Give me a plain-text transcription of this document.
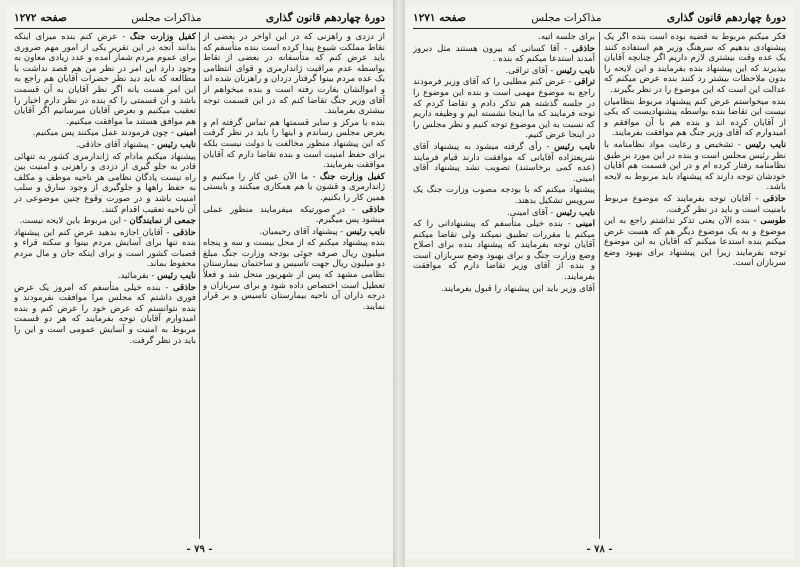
دورهٔ چهاردهم قانون گذاری
مذاکرات مجلس
صفحه ۱۲۷۲

از دزدی و راهزنی که در این اواخر در بعضی از نقاط مملکت شیوع پیدا کرده است بنده متأسفم که باید عرض کنم که متأسفانه در بعضی از نقاط بواسطه عدم مراقبت ژاندارمری و قوای انتظامی یک عده مردم بینوا گرفتار دزدان و راهزنان شده اند و اموالشان بغارت رفته است و بنده میخواهم از آقای وزیر جنگ تقاضا کنم که در این قسمت توجه بیشتری بفرمایند.

بنده با مرکز و سایر قسمتها هم تماس گرفته ام و بعرض مجلس رساندم و اینها را باید در نظر گرفت که این پیشنهاد منظور مخالفت با دولت نیست بلکه برای حفظ امنیت است و بنده تقاضا دارم که آقایان موافقت بفرمایند.

کفیل وزارت جنگ - ما الآن عین کار را میکنیم و ژاندارمری و قشون با هم همکاری میکنند و بایستی همین کار را بکنیم.

حاذقی - در صورتیکه میفرمایند منظور عملی میشود پس میگیرم.

نایب رئیس - پیشنهاد آقای رحیمیان.

بنده پیشنهاد میکنم که از محل بیست و سه و پنجاه میلیون ریال صرفه جوئی بودجه وزارت جنگ مبلغ دو میلیون ریال جهت تأسیس و ساختمان بیمارستان نظامی مشهد که پس از شهریور منحل شد و فعلاً تعطیل است اختصاص داده شود و برای سربازان و درجه داران آن ناحیه بیمارستان تأسیس و بر قرار نمایند.

کفیل وزارت جنگ - عرض کنم بنده میرای اینکه بدانند آنجه در این تقریر یکی از امور مهم ضروری برای عموم مردم شمار آمده و عدد زیادی معاون به وجود دارد این امر در نظر من هم قصد نداشت با مطالعه که باید دید نظر حضرات آقایان هم راجع به این امر هست یانه اگر نظر آقایان به آن قسمت باشد و آن قسمتی را که بنده در نظر دارم اخبار را تعقیب میکنیم و بعرض آقایان میرسانیم اگر آقایان هم موافق هستند ما موافقت میکنیم.

امینی - چون فرمودند عمل میکنند پس میکنیم.

نایب رئیس - پیشنهاد آقای حاذقی.

پیشنهاد میکنم مادام که ژاندارمری کشور به تنهائی قادر به جلو گیری از دزدی و راهزنی و امنیت بین راه نیست پادگان نظامی هر ناحیه موظف و مکلف به حفظ راهها و جلوگیری از وجود سارق و سلب امنیت باشد و در صورت وقوع چنین موضوعی در آن ناحیه تعقیب اقدام کنند.

جمعی از نمایندگان - این مربوط باین لایحه نیست.

حاذقی - آقایان اجازه بدهید عرض کنم این پیشنهاد بنده تنها برای آسایش مردم بینوا و سکنه قراء و قصبات کشور است و برای اینکه جان و مال مردم محفوظ بماند.

نایب رئیس - بفرمائید.

حاذقی - بنده خیلی متأسفم که امروز یک عرض فوری داشتم که مجلس مرا موافقت نفرمودند و بنده نتوانستم که عرض خود را عرض کنم و بنده امیدوارم آقایان توجه بفرمایند که هر دو قسمت مربوط به امنیت و آسایش عمومی است و این را باید در نظر گرفت.

- ۷۹ -
دورهٔ چهاردهم قانون گذاری
مذاکرات مجلس
صفحه ۱۲۷۱

فکر میکنم مربوط به قضیه بوده است بنده اگر یک پیشنهادی بدهیم که سرهنگ وزیر هم استفاده کنند یک عده وقت بیشتری لازم داریم اگر چنانچه آقایان بپذیرند که این پیشنهاد بنده بفرمایند و این لایحه را بدون ملاحظات بیشتر رد کنند بنده عرض میکنم که عدالت این است که این موضوع را در نظر بگیرند.

بنده میخواستم عرض کنم پیشنهاد مربوط بنظامیان نیست این تقاضا بنده بواسطه پیشنهادیست که یکی از آقایان کرده اند و بنده هم با آن موافقم و امیدوارم که آقای وزیر جنگ هم موافقت بفرمایند.

نایب رئیس - تشخیص و رعایت مواد نظامنامه با نظر رئیس مجلس است و بنده در این مورد بر طبق نظامنامه رفتار کرده ام و در این قسمت هم آقایان خودشان توجه دارند که پیشنهاد باید مربوط به لایحه باشد.

حاذقی - آقایان توجه بفرمایند که موضوع مربوط بامنیت است و باید در نظر گرفت.

طوسی - بنده الآن یعنی تذکر نداشتم راجع به این موضوع و به یک موضوع دیگر هم که هست عرض میکنم بنده استدعا میکنم که آقایان به این موضوع توجه بفرمایند زیرا این پیشنهاد برای بهبود وضع سربازان است.

برای جلسه آتیه.

حاذقی - آقا کسانی که بیرون هستند مثل دیروز آمدند استدعا میکنم که بنده .

نایب رئیس - آقای تراقی.

تراقی - عرض کنم مطلبی را که آقای وزیر فرمودند راجع به موضوع مهمی است و بنده این موضوع را در جلسه گذشته هم تذکر دادم و تقاضا کردم که توجه فرمایند که ما اینجا نشسته ایم و وظیفه داریم که نسبت به این موضوع توجه کنیم و نظر مجلس را در اینجا عرض کنیم.

نایب رئیس - رأی گرفته میشود به پیشنهاد آقای شریعتزاده آقایانی که موافقت دارند قیام فرمایند (عده کمی برخاستند) تصویب نشد پیشنهاد آقای امینی.

پیشنهاد میکنم که با بودجه مصوب وزارت جنگ یک سرویس تشکیل بدهند.

نایب رئیس - آقای امینی.

امینی - بنده خیلی متأسفم که پیشنهاداتی را که میکنم با مقررات تطبیق نمیکند ولی تقاضا میکنم آقایان توجه بفرمایند که پیشنهاد بنده برای اصلاح وضع وزارت جنگ و برای بهبود وضع سربازان است و بنده از آقای وزیر تقاضا دارم که موافقت بفرمایند.

آقای وزیر باید این پیشنهاد را قبول بفرمایند.

- ۷۸ -
